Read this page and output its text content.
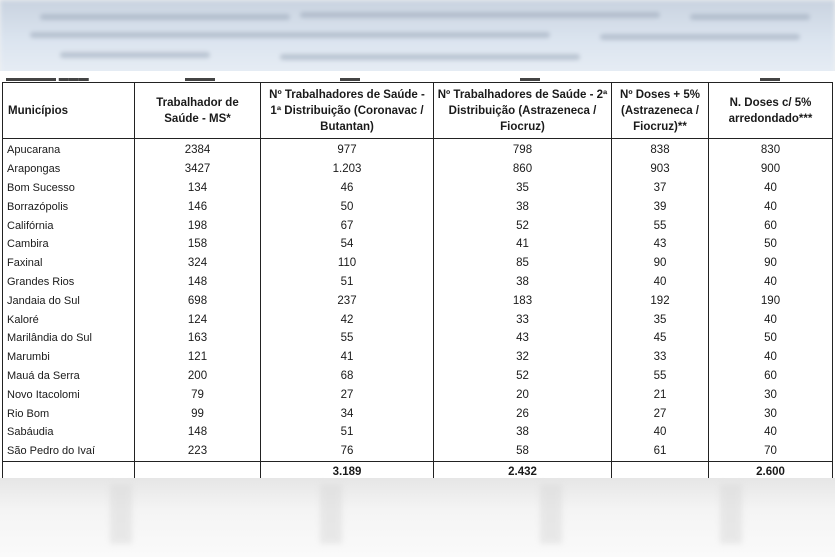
▬▬▬▬▬ ▬▬▬	▬▬▬	▬▬	▬▬	▬▬
Municípios	Trabalhador de Saúde - MS*	Nº Trabalhadores de Saúde - 1ª Distribuição (Coronavac / Butantan)	Nº Trabalhadores de Saúde - 2ª Distribuição (Astrazeneca / Fiocruz)	Nº Doses + 5% (Astrazeneca / Fiocruz)**	N. Doses c/ 5% arredondado***
Apucarana	2384	977	798	838	830
Arapongas	3427	1.203	860	903	900
Bom Sucesso	134	46	35	37	40
Borrazópolis	146	50	38	39	40
Califórnia	198	67	52	55	60
Cambira	158	54	41	43	50
Faxinal	324	110	85	90	90
Grandes Rios	148	51	38	40	40
Jandaia do Sul	698	237	183	192	190
Kaloré	124	42	33	35	40
Marilândia do Sul	163	55	43	45	50
Marumbi	121	41	32	33	40
Mauá da Serra	200	68	52	55	60
Novo Itacolomi	79	27	20	21	30
Rio Bom	99	34	26	27	30
Sabáudia	148	51	38	40	40
São Pedro do Ivaí	223	76	58	61	70
		3.189	2.432		2.600
